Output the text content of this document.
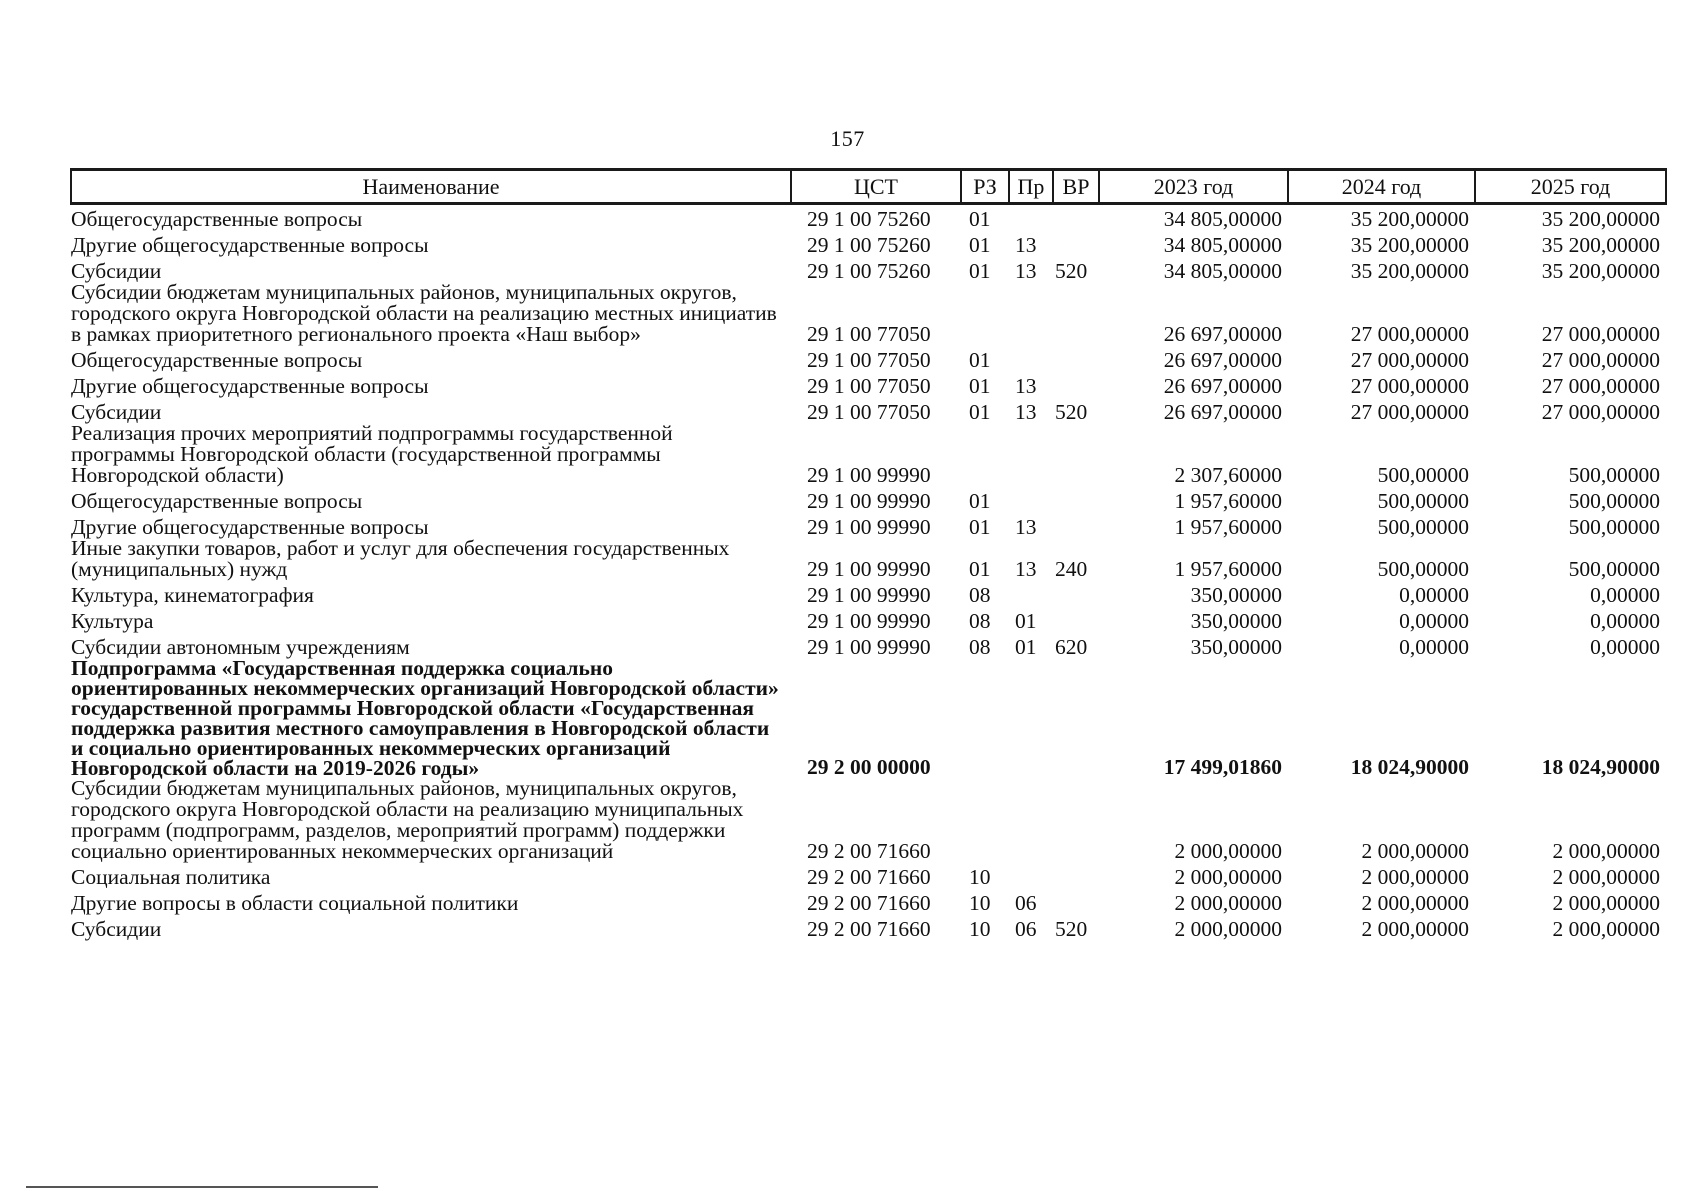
157
Наименование	ЦСТ	РЗ	Пр	ВР	2023 год	2024 год	2025 год
Общегосударственные вопросы	29 1 00 75260	01			34 805,00000	35 200,00000	35 200,00000
Другие общегосударственные вопросы	29 1 00 75260	01	13		34 805,00000	35 200,00000	35 200,00000
Субсидии	29 1 00 75260	01	13	520	34 805,00000	35 200,00000	35 200,00000
Субсидии бюджетам муниципальных районов, муниципальных округов, городского округа Новгородской области на реализацию местных инициатив в рамках приоритетного регионального проекта «Наш выбор»	29 1 00 77050				26 697,00000	27 000,00000	27 000,00000
Общегосударственные вопросы	29 1 00 77050	01			26 697,00000	27 000,00000	27 000,00000
Другие общегосударственные вопросы	29 1 00 77050	01	13		26 697,00000	27 000,00000	27 000,00000
Субсидии	29 1 00 77050	01	13	520	26 697,00000	27 000,00000	27 000,00000
Реализация прочих мероприятий подпрограммы государственной программы Новгородской области (государственной программы Новгородской области)	29 1 00 99990				2 307,60000	500,00000	500,00000
Общегосударственные вопросы	29 1 00 99990	01			1 957,60000	500,00000	500,00000
Другие общегосударственные вопросы	29 1 00 99990	01	13		1 957,60000	500,00000	500,00000
Иные закупки товаров, работ и услуг для обеспечения государственных (муниципальных) нужд	29 1 00 99990	01	13	240	1 957,60000	500,00000	500,00000
Культура, кинематография	29 1 00 99990	08			350,00000	0,00000	0,00000
Культура	29 1 00 99990	08	01		350,00000	0,00000	0,00000
Субсидии автономным учреждениям	29 1 00 99990	08	01	620	350,00000	0,00000	0,00000
Подпрограмма «Государственная поддержка социально ориентированных некоммерческих организаций Новгородской области» государственной программы Новгородской области «Государственная поддержка развития местного самоуправления в Новгородской области и социально ориентированных некоммерческих организаций Новгородской области на 2019-2026 годы»	29 2 00 00000				17 499,01860	18 024,90000	18 024,90000
Субсидии бюджетам муниципальных районов, муниципальных округов, городского округа Новгородской области на реализацию муниципальных программ (подпрограмм, разделов, мероприятий программ) поддержки социально ориентированных некоммерческих организаций	29 2 00 71660				2 000,00000	2 000,00000	2 000,00000
Социальная политика	29 2 00 71660	10			2 000,00000	2 000,00000	2 000,00000
Другие вопросы в области социальной политики	29 2 00 71660	10	06		2 000,00000	2 000,00000	2 000,00000
Субсидии	29 2 00 71660	10	06	520	2 000,00000	2 000,00000	2 000,00000
